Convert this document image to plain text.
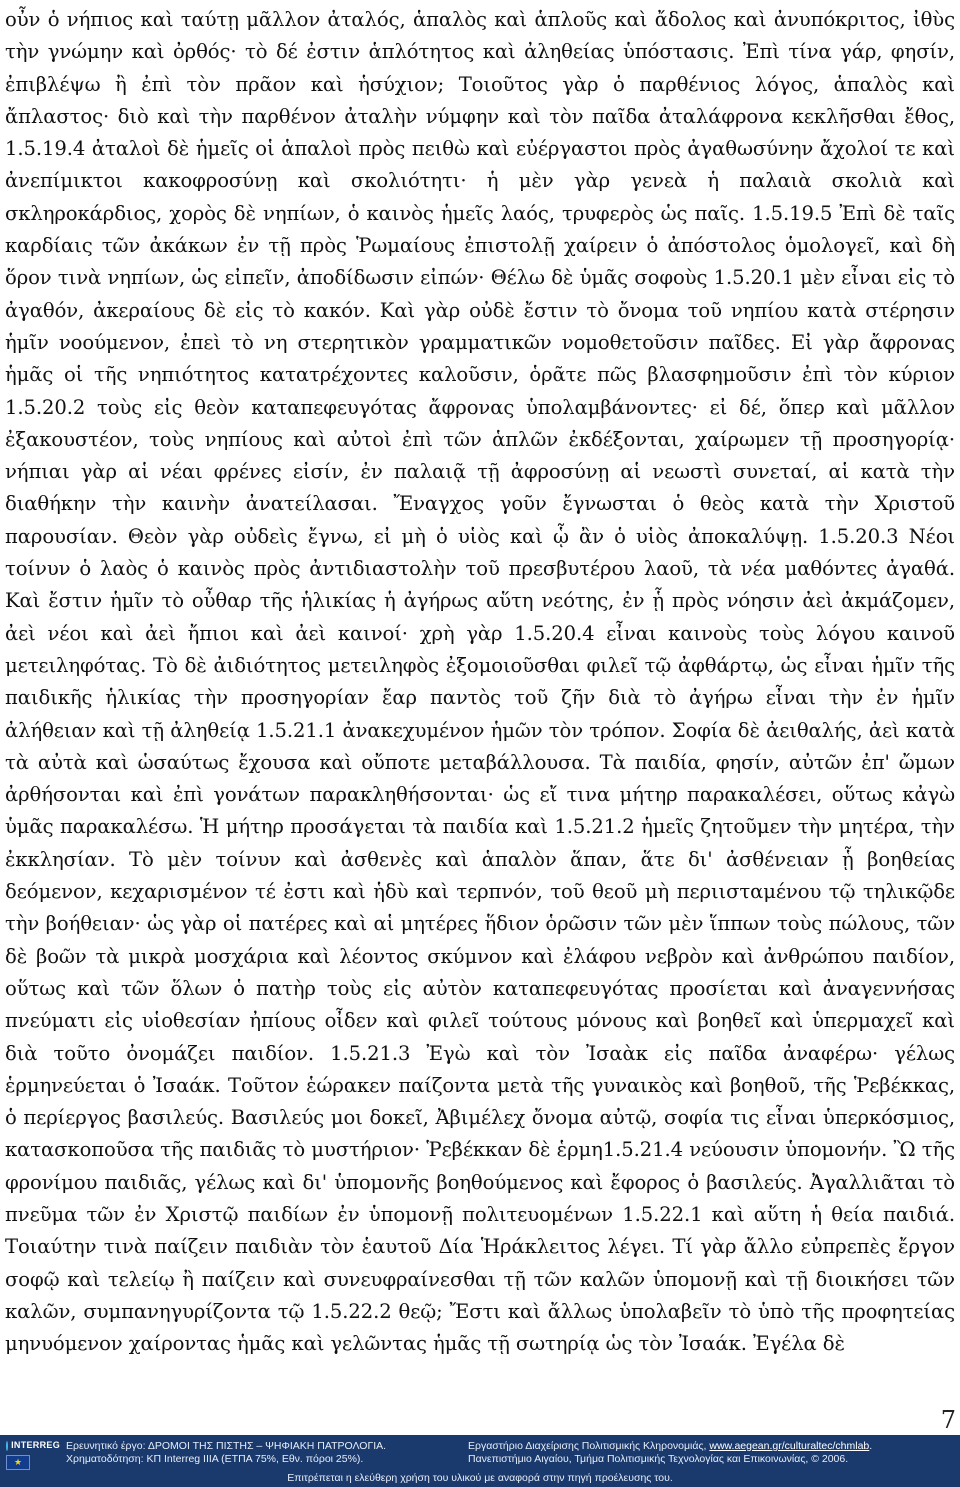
οὖν ὁ νήπιος καὶ ταύτῃ μᾶλλον ἀταλός, ἁπαλὸς καὶ ἁπλοῦς καὶ ἄδολος καὶ ἀνυπόκριτος, ἰθὺς τὴν γνώμην καὶ ὀρθός· τὸ δέ ἐστιν ἁπλότητος καὶ ἀληθείας ὑπόστασις. Ἐπὶ τίνα γάρ, φησίν, ἐπιβλέψω ἢ ἐπὶ τὸν πρᾶον καὶ ἡσύχιον; Τοιοῦτος γὰρ ὁ παρθένιος λόγος, ἁπαλὸς καὶ ἄπλαστος· διὸ καὶ τὴν παρθένον ἀταλὴν νύμφην καὶ τὸν παῖδα ἀταλάφρονα κεκλῆσθαι ἔθος, 1.5.19.4 ἀταλοὶ δὲ ἡμεῖς οἱ ἁπαλοὶ πρὸς πειθὼ καὶ εὐέργαστοι πρὸς ἀγαθωσύνην ἄχολοί τε καὶ ἀνεπίμικτοι κακοφροσύνῃ καὶ σκολιότητι· ἡ μὲν γὰρ γενεὰ ἡ παλαιὰ σκολιὰ καὶ σκληροκάρδιος, χορὸς δὲ νηπίων, ὁ καινὸς ἡμεῖς λαός, τρυφερὸς ὡς παῖς. 1.5.19.5 Ἐπὶ δὲ ταῖς καρδίαις τῶν ἀκάκων ἐν τῇ πρὸς Ῥωμαίους ἐπιστολῇ χαίρειν ὁ ἀπόστολος ὁμολογεῖ, καὶ δὴ ὅρον τινὰ νηπίων, ὡς εἰπεῖν, ἀποδίδωσιν εἰπών· Θέλω δὲ ὑμᾶς σοφοὺς 1.5.20.1 μὲν εἶναι εἰς τὸ ἀγαθόν, ἀκεραίους δὲ εἰς τὸ κακόν. Καὶ γὰρ οὐδὲ ἔστιν τὸ ὄνομα τοῦ νηπίου κατὰ στέρησιν ἡμῖν νοούμενον, ἐπεὶ τὸ νη στερητικὸν γραμματικῶν νομοθετοῦσιν παῖδες. Εἰ γὰρ ἄφρονας ἡμᾶς οἱ τῆς νηπιότητος κατατρέχοντες καλοῦσιν, ὁρᾶτε πῶς βλασφημοῦσιν ἐπὶ τὸν κύριον 1.5.20.2 τοὺς εἰς θεὸν καταπεφευγότας ἄφρονας ὑπολαμβάνοντες· εἰ δέ, ὅπερ καὶ μᾶλλον ἐξακουστέον, τοὺς νηπίους καὶ αὐτοὶ ἐπὶ τῶν ἁπλῶν ἐκδέξονται, χαίρωμεν τῇ προσηγορίᾳ· νήπιαι γὰρ αἱ νέαι φρένες εἰσίν, ἐν παλαιᾷ τῇ ἀφροσύνῃ αἱ νεωστὶ συνεταί, αἱ κατὰ τὴν διαθήκην τὴν καινὴν ἀνατείλασαι. Ἔναγχος γοῦν ἔγνωσται ὁ θεὸς κατὰ τὴν Χριστοῦ παρουσίαν. Θεὸν γὰρ οὐδεὶς ἔγνω, εἰ μὴ ὁ υἱὸς καὶ ᾧ ἂν ὁ υἱὸς ἀποκαλύψῃ. 1.5.20.3 Νέοι τοίνυν ὁ λαὸς ὁ καινὸς πρὸς ἀντιδιαστολὴν τοῦ πρεσβυτέρου λαοῦ, τὰ νέα μαθόντες ἀγαθά. Καὶ ἔστιν ἡμῖν τὸ οὖθαρ τῆς ἡλικίας ἡ ἀγήρως αὕτη νεότης, ἐν ᾗ πρὸς νόησιν ἀεὶ ἀκμάζομεν, ἀεὶ νέοι καὶ ἀεὶ ἤπιοι καὶ ἀεὶ καινοί· χρὴ γὰρ 1.5.20.4 εἶναι καινοὺς τοὺς λόγου καινοῦ μετειληφότας. Τὸ δὲ ἀιδιότητος μετειληφὸς ἐξομοιοῦσθαι φιλεῖ τῷ ἀφθάρτῳ, ὡς εἶναι ἡμῖν τῆς παιδικῆς ἡλικίας τὴν προσηγορίαν ἔαρ παντὸς τοῦ ζῆν διὰ τὸ ἀγήρω εἶναι τὴν ἐν ἡμῖν ἀλήθειαν καὶ τῇ ἀληθείᾳ 1.5.21.1 ἀνακεχυμένον ἡμῶν τὸν τρόπον. Σοφία δὲ ἀειθαλής, ἀεὶ κατὰ τὰ αὐτὰ καὶ ὡσαύτως ἔχουσα καὶ οὔποτε μεταβάλλουσα. Τὰ παιδία, φησίν, αὐτῶν ἐπ' ὤμων ἀρθήσονται καὶ ἐπὶ γονάτων παρακληθήσονται· ὡς εἴ τινα μήτηρ παρακαλέσει, οὕτως κἀγὼ ὑμᾶς παρακαλέσω. Ἡ μήτηρ προσάγεται τὰ παιδία καὶ 1.5.21.2 ἡμεῖς ζητοῦμεν τὴν μητέρα, τὴν ἐκκλησίαν. Τὸ μὲν τοίνυν καὶ ἀσθενὲς καὶ ἁπαλὸν ἅπαν, ἅτε δι' ἀσθένειαν ᾗ βοηθείας δεόμενον, κεχαρισμένον τέ ἐστι καὶ ἡδὺ καὶ τερπνόν, τοῦ θεοῦ μὴ περιισταμένου τῷ τηλικῷδε τὴν βοήθειαν· ὡς γὰρ οἱ πατέρες καὶ αἱ μητέρες ἥδιον ὁρῶσιν τῶν μὲν ἵππων τοὺς πώλους, τῶν δὲ βοῶν τὰ μικρὰ μοσχάρια καὶ λέοντος σκύμνον καὶ ἐλάφου νεβρὸν καὶ ἀνθρώπου παιδίον, οὕτως καὶ τῶν ὅλων ὁ πατὴρ τοὺς εἰς αὐτὸν καταπεφευγότας προσίεται καὶ ἀναγεννήσας πνεύματι εἰς υἱοθεσίαν ἠπίους οἶδεν καὶ φιλεῖ τούτους μόνους καὶ βοηθεῖ καὶ ὑπερμαχεῖ καὶ διὰ τοῦτο ὀνομάζει παιδίον. 1.5.21.3 Ἐγὼ καὶ τὸν Ἰσαὰκ εἰς παῖδα ἀναφέρω· γέλως ἑρμηνεύεται ὁ Ἰσαάκ. Τοῦτον ἑώρακεν παίζοντα μετὰ τῆς γυναικὸς καὶ βοηθοῦ, τῆς Ῥεβέκκας, ὁ περίεργος βασιλεύς. Βασιλεύς μοι δοκεῖ, Ἀβιμέλεχ ὄνομα αὐτῷ, σοφία τις εἶναι ὑπερκόσμιος, κατασκοποῦσα τῆς παιδιᾶς τὸ μυστήριον· Ῥεβέκκαν δὲ ἑρμη1.5.21.4 νεύουσιν ὑπομονήν. Ὢ τῆς φρονίμου παιδιᾶς, γέλως καὶ δι' ὑπομονῆς βοηθούμενος καὶ ἔφορος ὁ βασιλεύς. Ἀγαλλιᾶται τὸ πνεῦμα τῶν ἐν Χριστῷ παιδίων ἐν ὑπομονῇ πολιτευομένων 1.5.22.1 καὶ αὕτη ἡ θεία παιδιά. Τοιαύτην τινὰ παίζειν παιδιὰν τὸν ἑαυτοῦ Δία Ἡράκλειτος λέγει. Τί γὰρ ἄλλο εὐπρεπὲς ἔργον σοφῷ καὶ τελείῳ ἢ παίζειν καὶ συνευφραίνεσθαι τῇ τῶν καλῶν ὑπομονῇ καὶ τῇ διοικήσει τῶν καλῶν, συμπανηγυρίζοντα τῷ 1.5.22.2 θεῷ; Ἔστι καὶ ἄλλως ὑπολαβεῖν τὸ ὑπὸ τῆς προφητείας μηνυόμενον χαίροντας ἡμᾶς καὶ γελῶντας ἡμᾶς τῇ σωτηρίᾳ ὡς τὸν Ἰσαάκ. Ἐγέλα δὲ

7
INTERREG
★
Ερευνητικό έργο: ΔΡΟΜΟΙ ΤΗΣ ΠΙΣΤΗΣ – ΨΗΦΙΑΚΗ ΠΑΤΡΟΛΟΓΙΑ.
Χρηματοδότηση: ΚΠ Interreg IIIA (ΕΤΠΑ 75%, Εθν. πόροι 25%).
Εργαστήριο Διαχείρισης Πολιτισμικής Κληρονομιάς, www.aegean.gr/culturaltec/chmlab.
Πανεπιστήμιο Αιγαίου, Τμήμα Πολιτισμικής Τεχνολογίας και Επικοινωνίας, © 2006.
Επιτρέπεται η ελεύθερη χρήση του υλικού με αναφορά στην πηγή προέλευσης του.
